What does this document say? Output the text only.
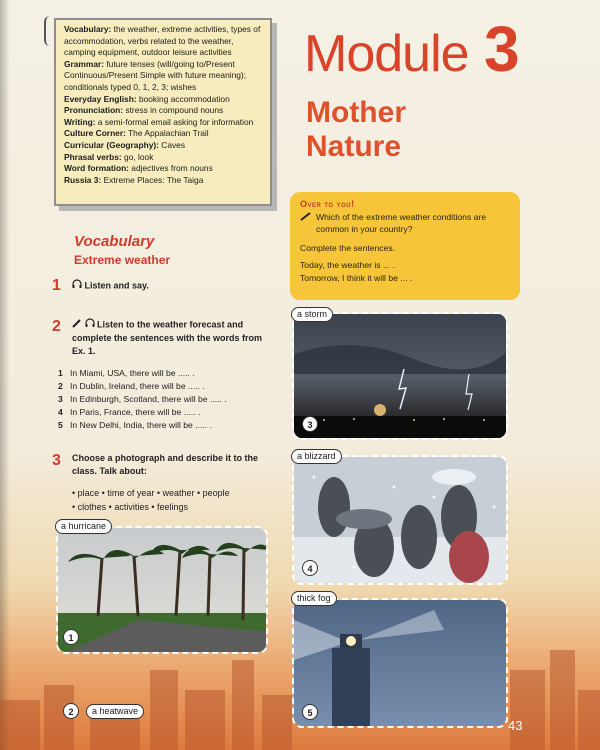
Vocabulary: the weather, extreme activities, types of accommodation, verbs related to the weather, camping equipment, outdoor leisure activities
Grammar: future tenses (will/going to/Present Continuous/Present Simple with future meaning); conditionals typed 0, 1, 2, 3; wishes
Everyday English: booking accommodation
Pronunciation: stress in compound nouns
Writing: a semi-formal email asking for information
Culture Corner: The Appalachian Trail
Curricular (Geography): Caves
Phrasal verbs: go, look
Word formation: adjectives from nouns
Russia 3: Extreme Places: The Taiga
Module 3
Mother
Nature
Vocabulary
Extreme weather
1	Listen and say.
2	Listen to the weather forecast and complete the sentences with the words from Ex. 1.
1 In Miami, USA, there will be ..... .
2 In Dublin, Ireland, there will be ..... .
3 In Edinburgh, Scotland, there will be ..... .
4 In Paris, France, there will be ..... .
5 In New Delhi, India, there will be ..... .
3 Choose a photograph and describe it to the class. Talk about:
• place • time of year • weather • people
• clothes • activities • feelings
Over to you!
Which of the extreme weather conditions are common in your country?
Complete the sentences.
Today, the weather is ... .
Tomorrow, I think it will be ... .
a storm
3
a blizzard
4
thick fog
5
a hurricane
1
2	a heatwave
43
